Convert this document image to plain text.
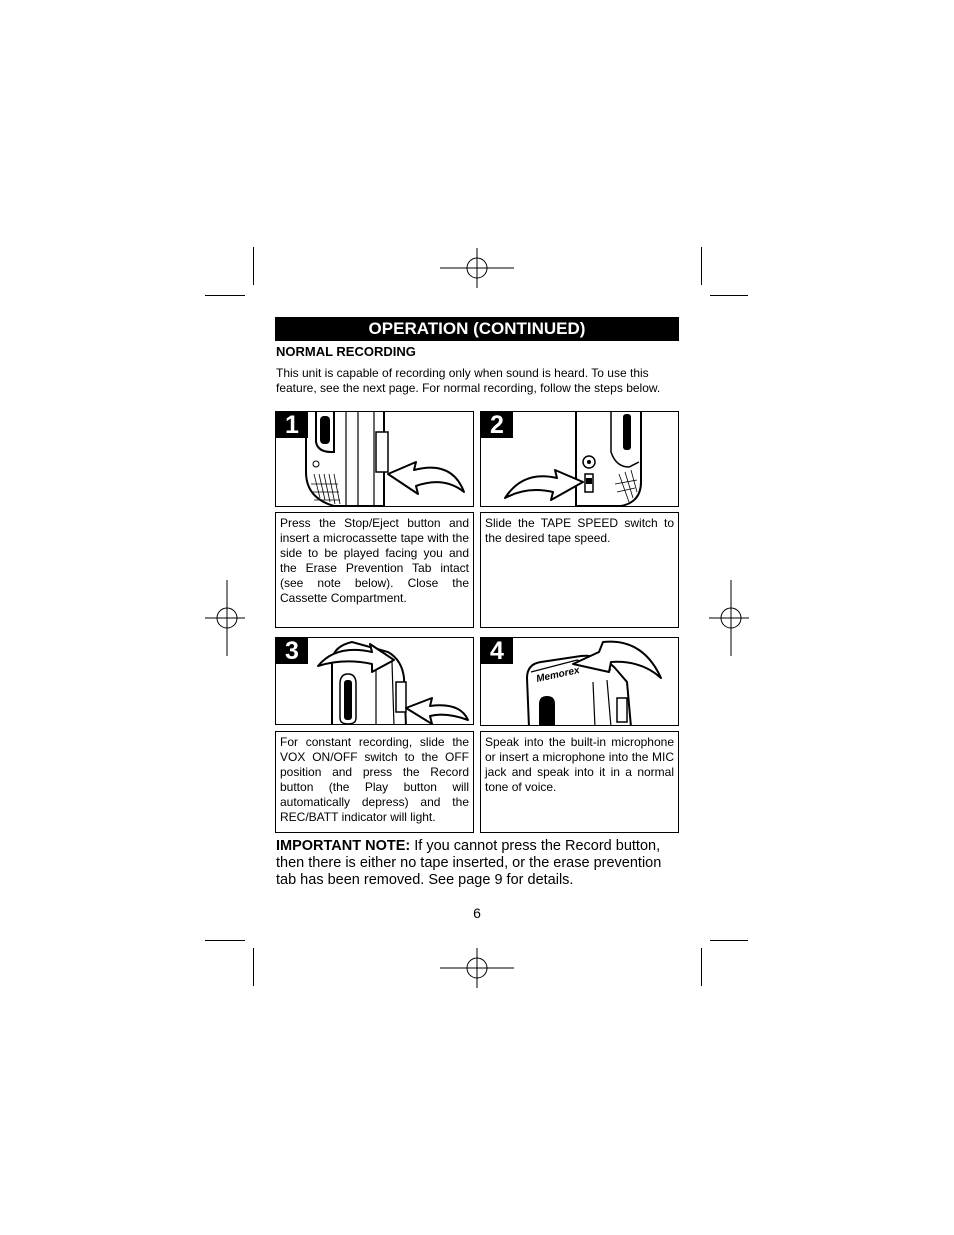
OPERATION (CONTINUED)
NORMAL RECORDING
This unit is capable of recording only when sound is heard. To use this
feature, see the next page. For normal recording, follow the steps below.
1	2
Press the Stop/Eject button and insert a microcassette tape with the side to be played facing you and the Erase Prevention Tab intact (see note below). Close the Cassette Compartment.
Slide the TAPE SPEED switch to the desired tape speed.
3
Memorex
4
For constant recording, slide the VOX ON/OFF switch to the OFF position and press the Record button (the Play button will automatically depress) and the REC/BATT indicator will light.
Speak into the built-in microphone or insert a microphone into the MIC jack and speak into it in a normal tone of voice.
IMPORTANT NOTE: If you cannot press the Record button, then there is either no tape inserted, or the erase prevention tab has been removed. See page 9 for details.
6
